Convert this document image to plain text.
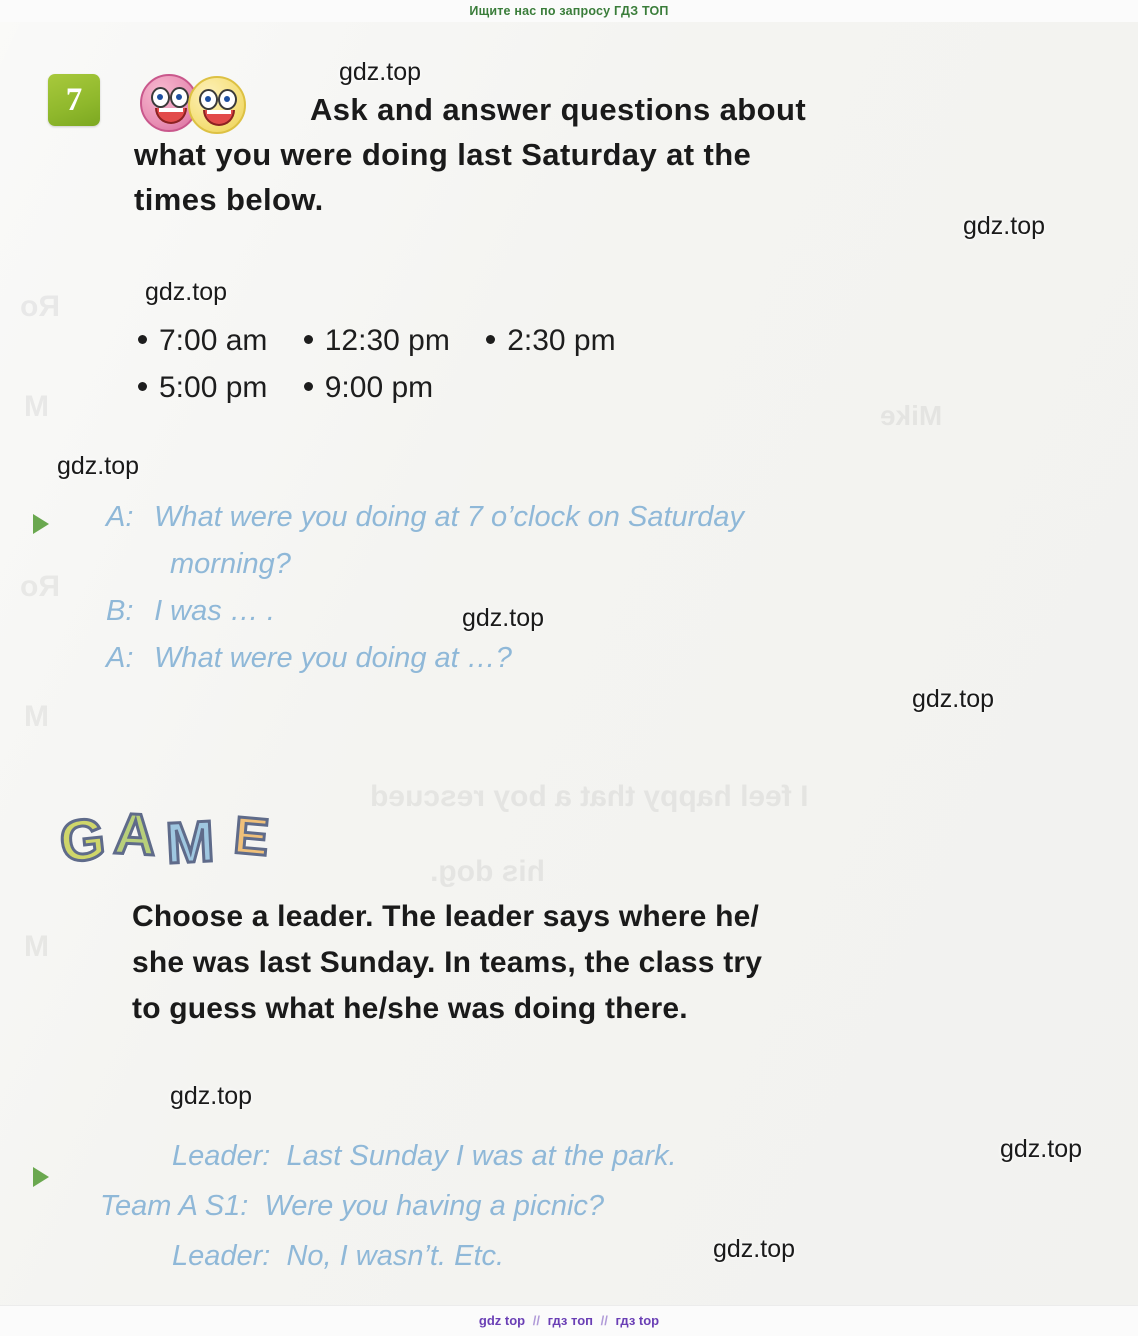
Ищите нас по запросу ГДЗ ТОП
Ro
M
Ro
M
M
I feel happy that a boy rescued
his dog.
Mike
7	Ask and answer questions about
what you were doing last Saturday at the
times below.
7:00 am 12:30 pm 2:30 pm
5:00 pm 9:00 pm
A: What were you doing at 7 o’clock on Saturday
morning?
B: I was … .
A: What were you doing at …?
G A M E
Choose a leader. The leader says where he/
she was last Sunday. In teams, the class try
to guess what he/she was doing there.
Leader: Last Sunday I was at the park.
Team A S1: Were you having a picnic?
Leader: No, I wasn’t. Etc.
gdz.top
gdz.top
gdz.top
gdz.top
gdz.top
gdz.top
gdz.top
gdz.top
gdz.top
gdz top // гдз топ // гдз top
